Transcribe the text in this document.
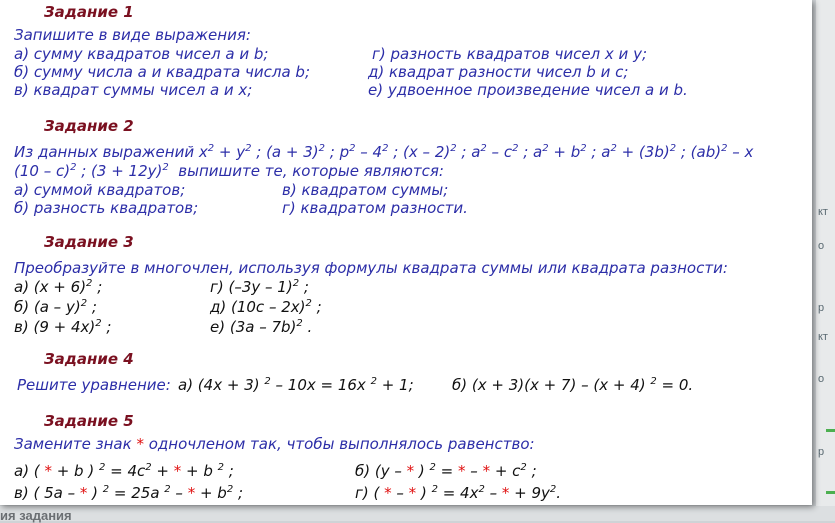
кт
о
р
кт
о
р
ия задания
Задание 1
Запишите в виде выражения:
а) сумму квадратов чисел а и b;	г) разность квадратов чисел x и y;
б) сумму числа а и квадрата числа b;	д) квадрат разности чисел b и c;
в) квадрат суммы чисел а и х;	е) удвоенное произведение чисел а и b.
Задание 2
Из данных выражений $x^2 + y^2$ ; $(a + 3)^2$ ; $p^2 - 4^2$ ; (x – 2)$^2$ ; $a^2 - c^2$ ; $a^2 + b^2$ ; $a^2 + (3b)^2$ ; (ab)$^2$ – x
(10 – c)$^2$ ; $(3 + 12y)^2$ выпишите те, которые являются:
а) суммой квадратов;	в) квадратом суммы;
б) разность квадратов;	г) квадратом разности.
Задание 3
Преобразуйте в многочлен, используя формулы квадрата суммы или квадрата разности:
а) $(x + 6)^2$ ;	г) (–3y – 1)$^2$ ;
б) (a – y)$^2$ ;	д) (10c – 2x)$^2$ ;
в) $(9 + 4x)^2$ ;	е) (3a – 7b)$^2$ .
Задание 4
Решите уравнение: а) (4x + 3) $^2$ – 10x = 16x $^2$ + 1;	б) (x + 3)(x + 7) – (x + 4) $^2$ = 0.
Задание 5
Замените знак * одночленом так, чтобы выполнялось равенство:
а) ( * + b ) $^2 = 4c^2$ + * + b $^2$ ;	б) (y – * ) $^2$ = * – * + $c^2$ ;
в) ( 5a – * ) $^2$ = 25a $^2$ – * + $b^2$ ;	г) ( * – * ) $^2 = 4x^2$ – * + $9y^2$.
